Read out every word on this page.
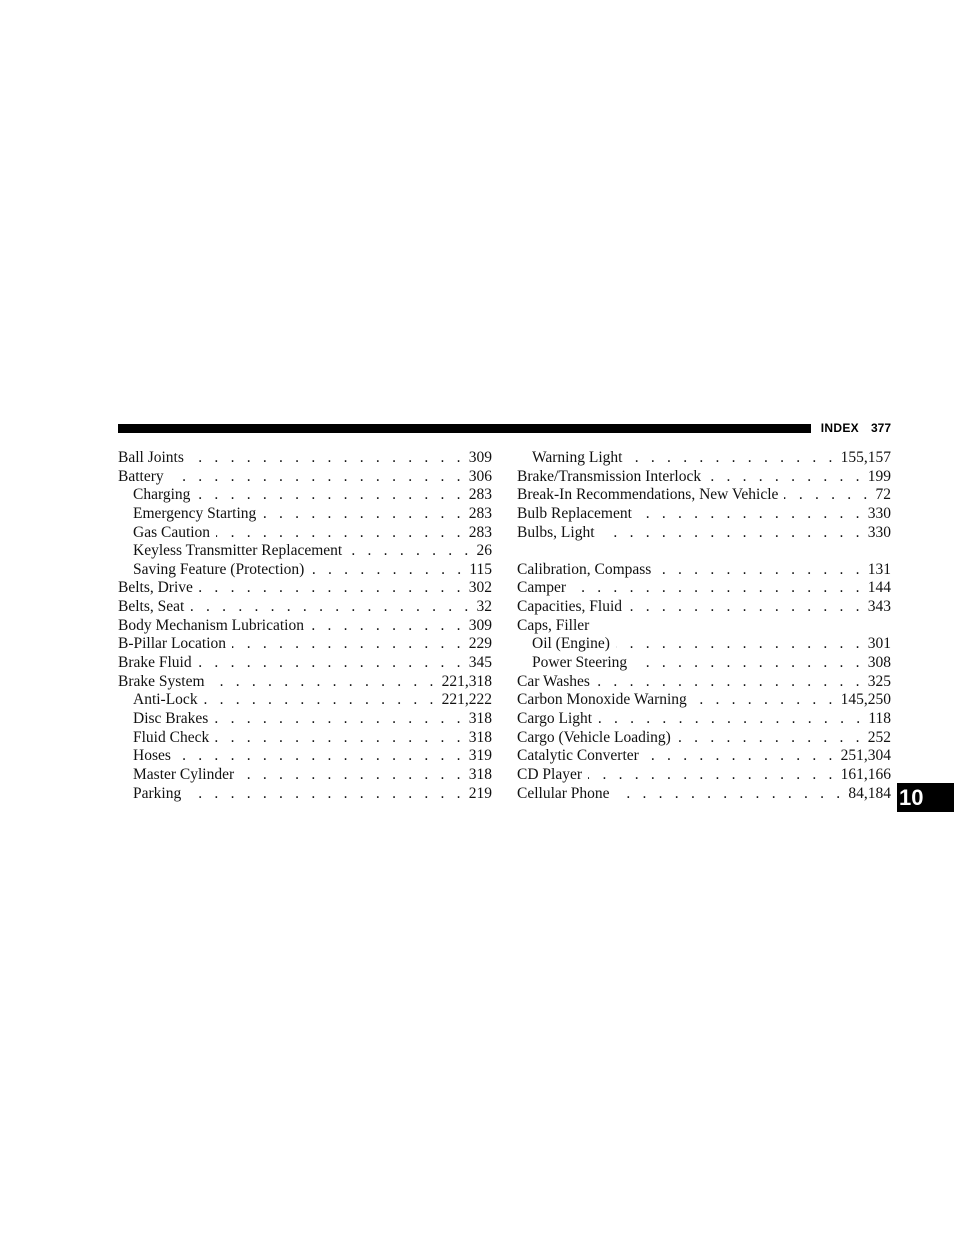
INDEX 377
Ball Joints . . .	309
Battery . . .	306
Charging . . .	283
Emergency Starting . . .	283
Gas Caution . . .	283
Keyless Transmitter Replacement . . .	26
Saving Feature (Protection) . . .	115
Belts, Drive . . .	302
Belts, Seat . . .	32
Body Mechanism Lubrication . . .	309
B-Pillar Location . . .	229
Brake Fluid . . .	345
Brake System . . .	221,318
Anti-Lock . . .	221,222
Disc Brakes . . .	318
Fluid Check . . .	318
Hoses . . .	319
Master Cylinder . . .	318
Parking . . .	219
Warning Light . . .	155,157
Brake/Transmission Interlock . . .	199
Break-In Recommendations, New Vehicle . . .	72
Bulb Replacement . . .	330
Bulbs, Light . . .	330
Calibration, Compass . . .	131
Camper . . .	144
Capacities, Fluid . . .	343
Caps, Filler
Oil (Engine) . . .	301
Power Steering . . .	308
Car Washes . . .	325
Carbon Monoxide Warning . . .	145,250
Cargo Light . . .	118
Cargo (Vehicle Loading) . . .	252
Catalytic Converter . . .	251,304
CD Player . . .	161,166
Cellular Phone . . .	84,184 10
